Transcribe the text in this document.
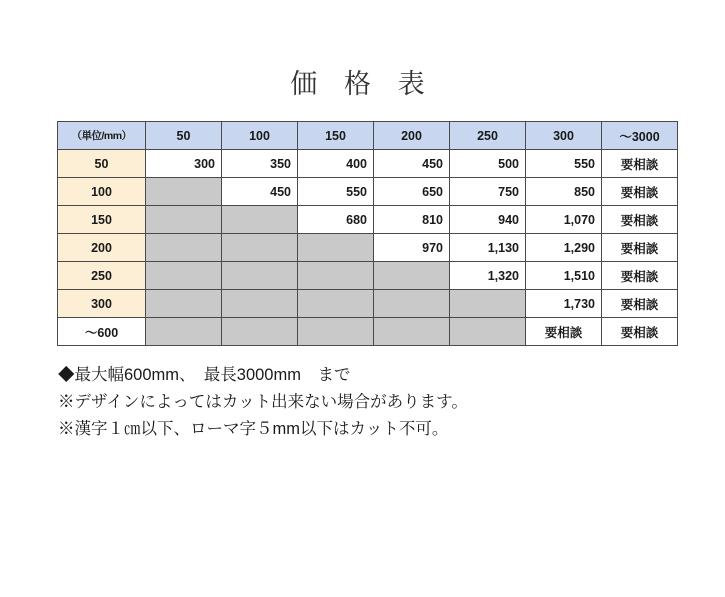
価 格 表
（単位/mm）	50	100	150	200	250	300	〜3000
50	300	350	400	450	500	550	要相談
100		450	550	650	750	850	要相談
150			680	810	940	1,070	要相談
200				970	1,130	1,290	要相談
250					1,320	1,510	要相談
300						1,730	要相談
〜600						要相談	要相談
◆最大幅600mm、　最長3000mm　まで
※デザインによってはカット出来ない場合があります。
※漢字１㎝以下、ローマ字５mm以下はカット不可。
